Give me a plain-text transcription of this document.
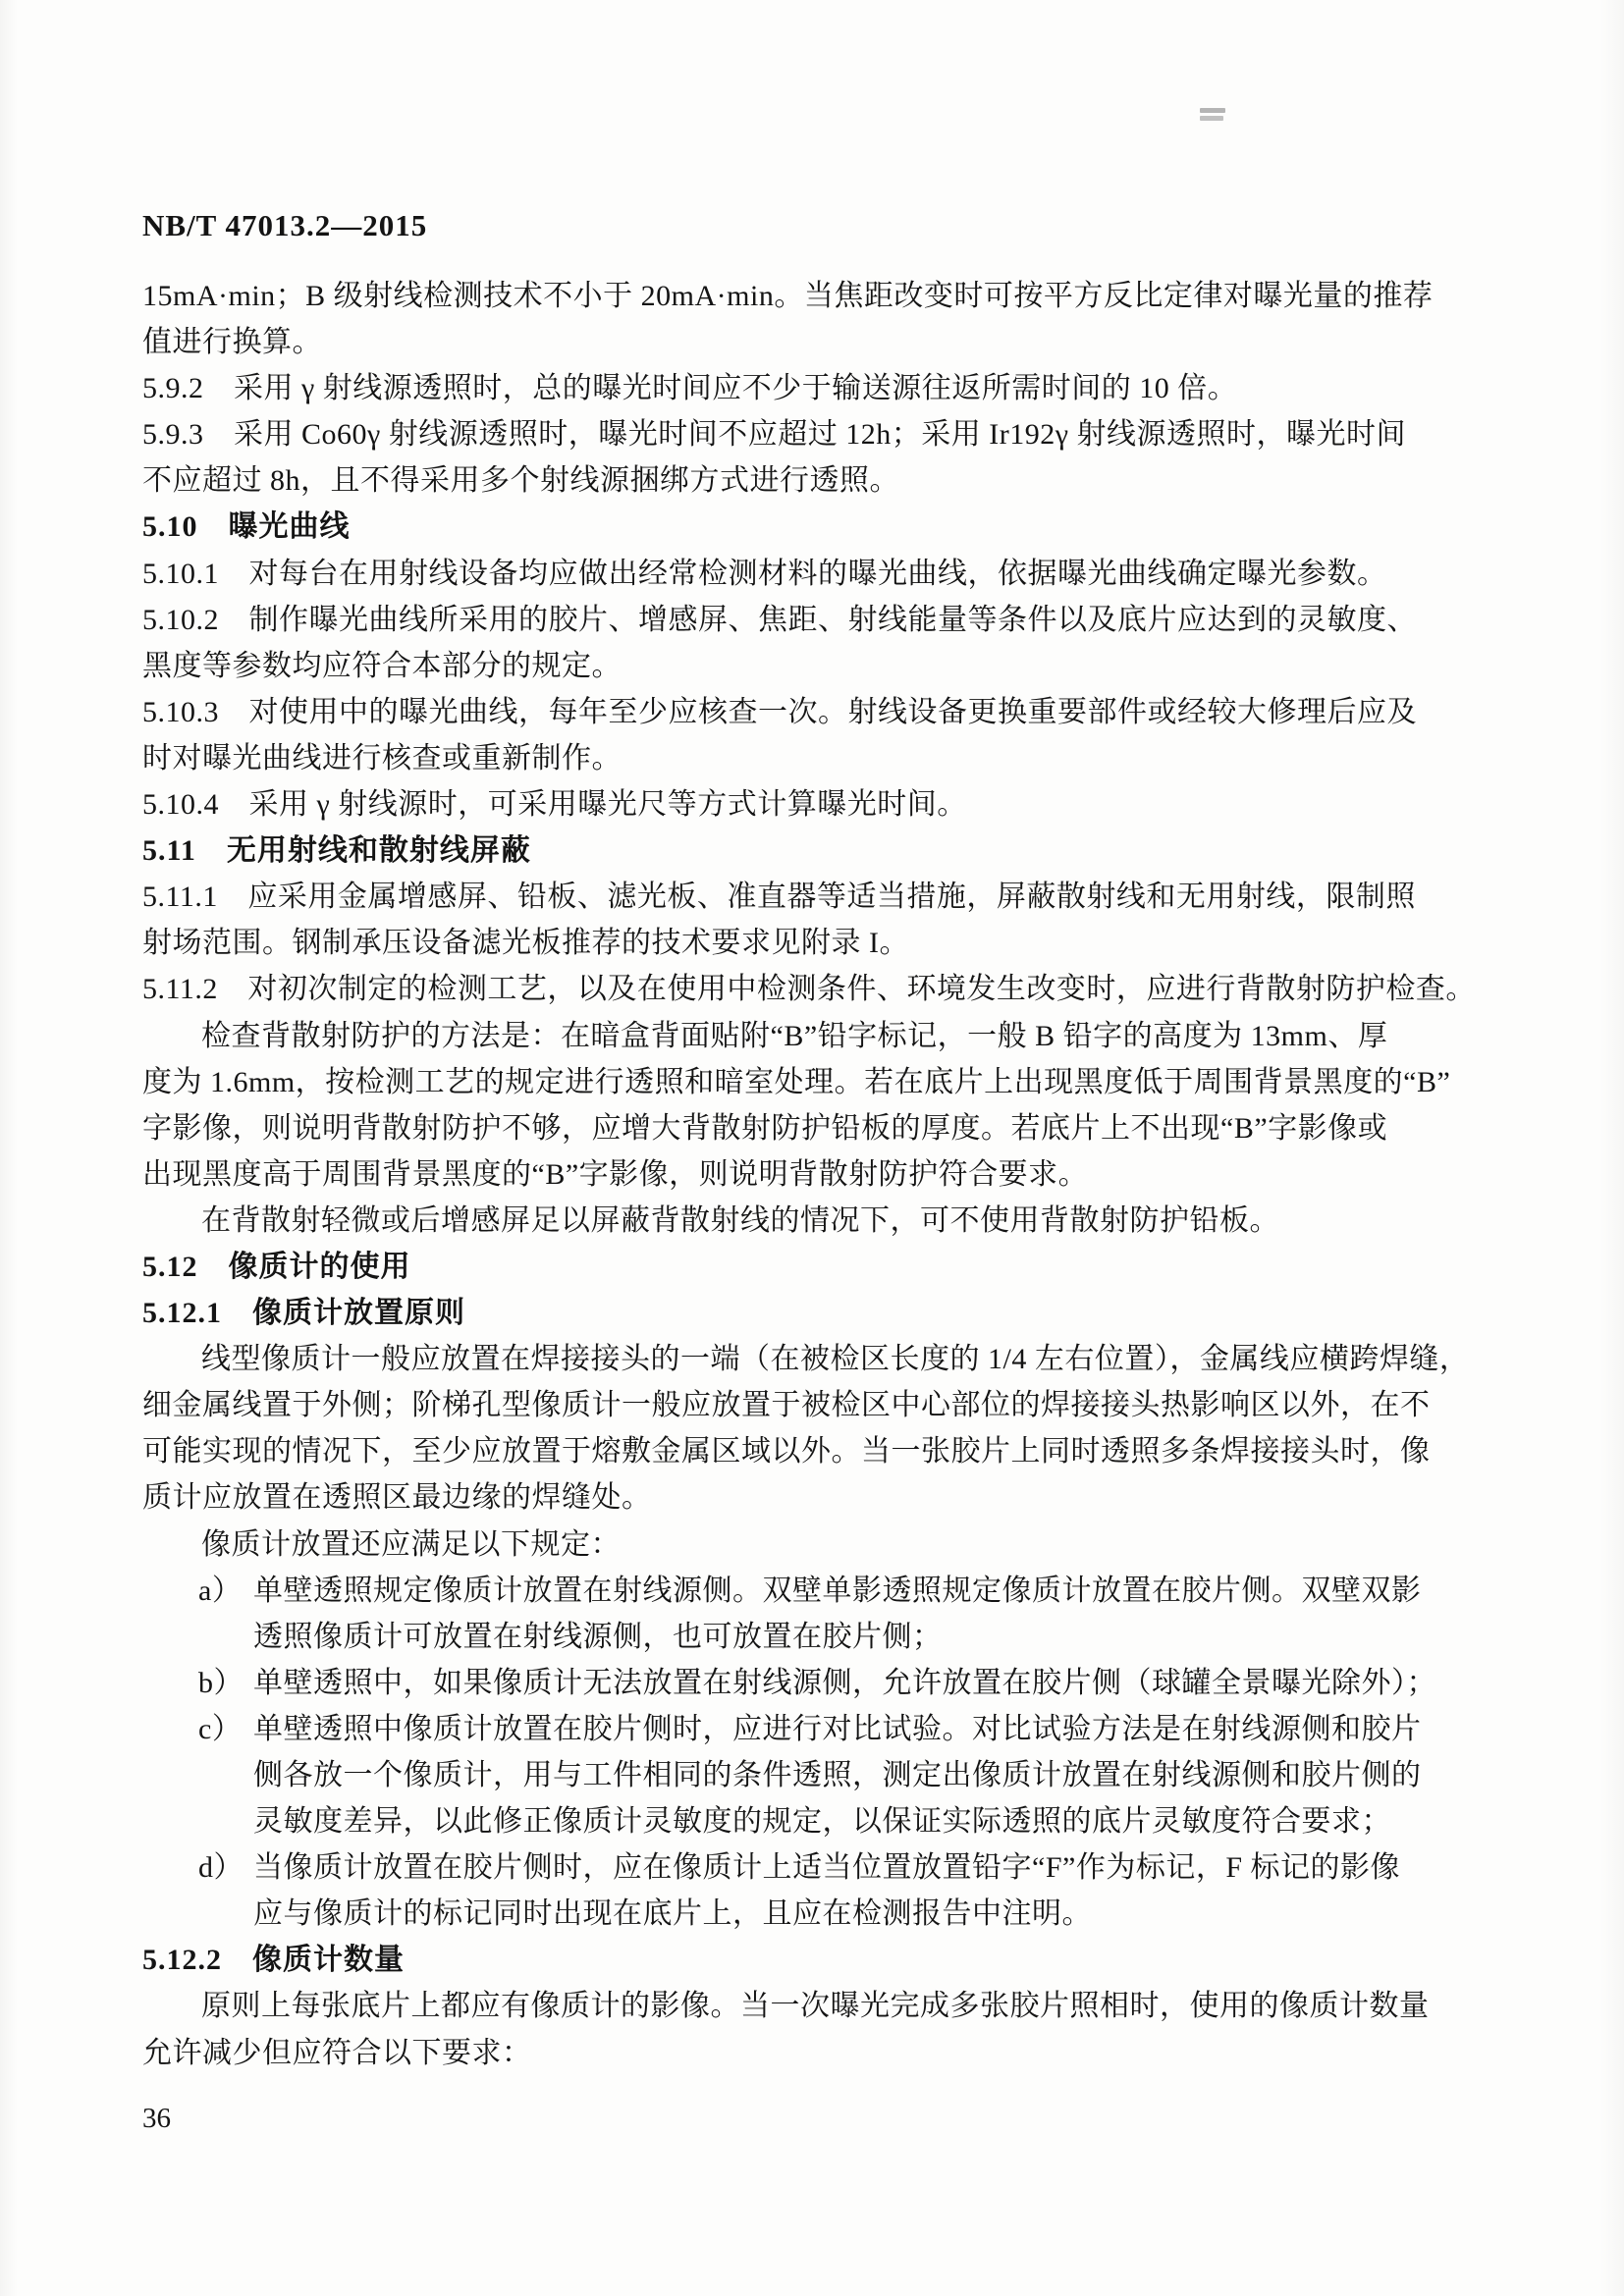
NB/T 47013.2—2015
15mA·min；B 级射线检测技术不小于 20mA·min。当焦距改变时可按平方反比定律对曝光量的推荐
值进行换算。
5.9.2　采用 γ 射线源透照时，总的曝光时间应不少于输送源往返所需时间的 10 倍。
5.9.3　采用 Co60γ 射线源透照时，曝光时间不应超过 12h；采用 Ir192γ 射线源透照时，曝光时间
不应超过 8h，且不得采用多个射线源捆绑方式进行透照。
5.10　曝光曲线
5.10.1　对每台在用射线设备均应做出经常检测材料的曝光曲线，依据曝光曲线确定曝光参数。
5.10.2　制作曝光曲线所采用的胶片、增感屏、焦距、射线能量等条件以及底片应达到的灵敏度、
黑度等参数均应符合本部分的规定。
5.10.3　对使用中的曝光曲线，每年至少应核查一次。射线设备更换重要部件或经较大修理后应及
时对曝光曲线进行核查或重新制作。
5.10.4　采用 γ 射线源时，可采用曝光尺等方式计算曝光时间。
5.11　无用射线和散射线屏蔽
5.11.1　应采用金属增感屏、铅板、滤光板、准直器等适当措施，屏蔽散射线和无用射线，限制照
射场范围。钢制承压设备滤光板推荐的技术要求见附录 I。
5.11.2　对初次制定的检测工艺，以及在使用中检测条件、环境发生改变时，应进行背散射防护检查。
检查背散射防护的方法是：在暗盒背面贴附“B”铅字标记，一般 B 铅字的高度为 13mm、厚
度为 1.6mm，按检测工艺的规定进行透照和暗室处理。若在底片上出现黑度低于周围背景黑度的“B”
字影像，则说明背散射防护不够，应增大背散射防护铅板的厚度。若底片上不出现“B”字影像或
出现黑度高于周围背景黑度的“B”字影像，则说明背散射防护符合要求。
在背散射轻微或后增感屏足以屏蔽背散射线的情况下，可不使用背散射防护铅板。
5.12　像质计的使用
5.12.1　像质计放置原则
线型像质计一般应放置在焊接接头的一端（在被检区长度的 1/4 左右位置），金属线应横跨焊缝，
细金属线置于外侧；阶梯孔型像质计一般应放置于被检区中心部位的焊接接头热影响区以外，在不
可能实现的情况下，至少应放置于熔敷金属区域以外。当一张胶片上同时透照多条焊接接头时，像
质计应放置在透照区最边缘的焊缝处。
像质计放置还应满足以下规定：
a） 单壁透照规定像质计放置在射线源侧。双壁单影透照规定像质计放置在胶片侧。双壁双影
透照像质计可放置在射线源侧，也可放置在胶片侧；
b） 单壁透照中，如果像质计无法放置在射线源侧，允许放置在胶片侧（球罐全景曝光除外）；
c） 单壁透照中像质计放置在胶片侧时，应进行对比试验。对比试验方法是在射线源侧和胶片
侧各放一个像质计，用与工件相同的条件透照，测定出像质计放置在射线源侧和胶片侧的
灵敏度差异，以此修正像质计灵敏度的规定，以保证实际透照的底片灵敏度符合要求；
d） 当像质计放置在胶片侧时，应在像质计上适当位置放置铅字“F”作为标记，F 标记的影像
应与像质计的标记同时出现在底片上，且应在检测报告中注明。
5.12.2　像质计数量
原则上每张底片上都应有像质计的影像。当一次曝光完成多张胶片照相时，使用的像质计数量
允许减少但应符合以下要求：
36
